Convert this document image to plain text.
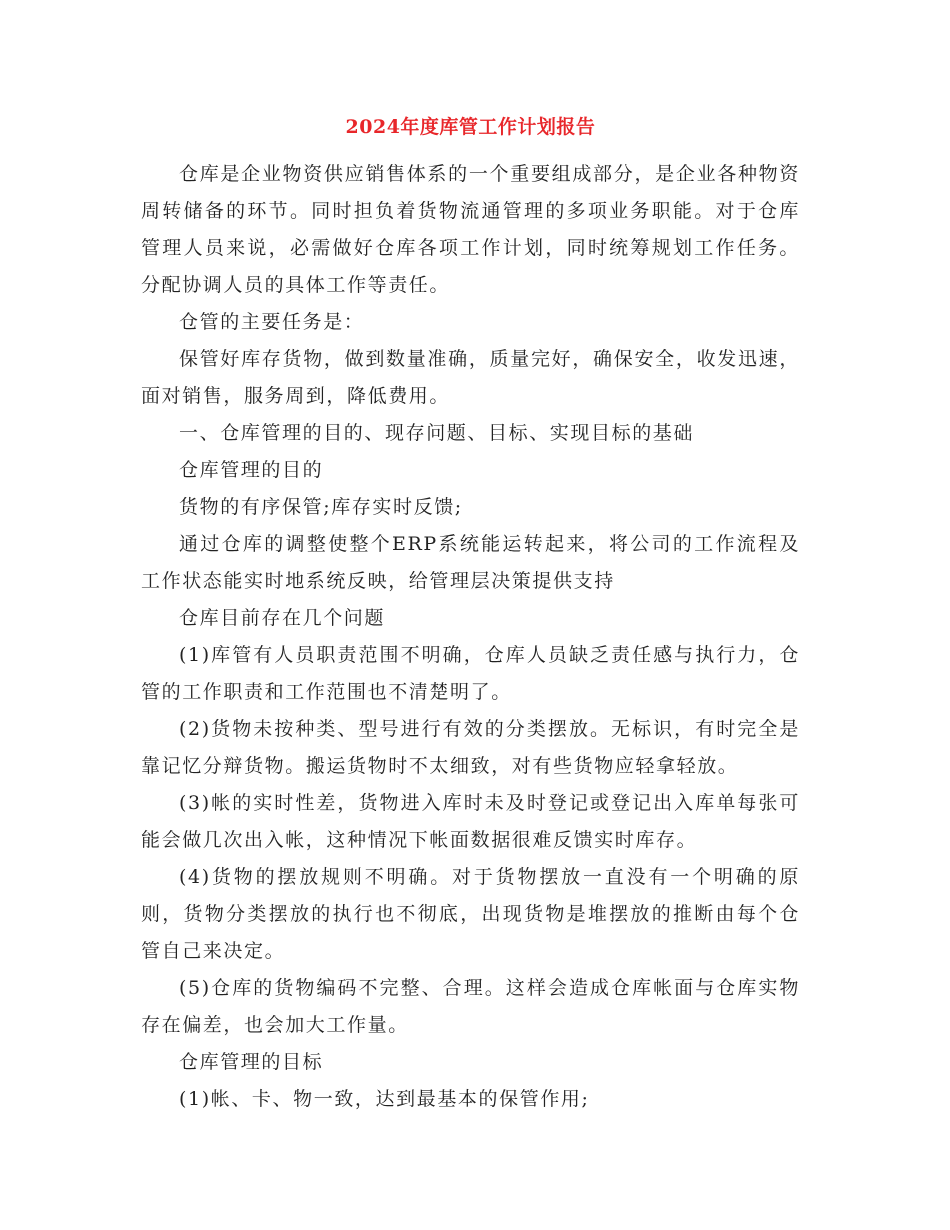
2024年度库管工作计划报告

仓库是企业物资供应销售体系的一个重要组成部分，是企业各种物资周转储备的环节。同时担负着货物流通管理的多项业务职能。对于仓库管理人员来说，必需做好仓库各项工作计划，同时统筹规划工作任务。分配协调人员的具体工作等责任。

仓管的主要任务是：

保管好库存货物，做到数量准确，质量完好，确保安全，收发迅速，面对销售，服务周到，降低费用。

一、仓库管理的目的、现存问题、目标、实现目标的基础

仓库管理的目的

货物的有序保管;库存实时反馈;

通过仓库的调整使整个ERP系统能运转起来，将公司的工作流程及工作状态能实时地系统反映，给管理层决策提供支持

仓库目前存在几个问题

(1)库管有人员职责范围不明确，仓库人员缺乏责任感与执行力，仓管的工作职责和工作范围也不清楚明了。

(2)货物未按种类、型号进行有效的分类摆放。无标识，有时完全是靠记忆分辩货物。搬运货物时不太细致，对有些货物应轻拿轻放。

(3)帐的实时性差，货物进入库时未及时登记或登记出入库单每张可能会做几次出入帐，这种情况下帐面数据很难反馈实时库存。

(4)货物的摆放规则不明确。对于货物摆放一直没有一个明确的原则，货物分类摆放的执行也不彻底，出现货物是堆摆放的推断由每个仓管自己来决定。

(5)仓库的货物编码不完整、合理。这样会造成仓库帐面与仓库实物存在偏差，也会加大工作量。

仓库管理的目标

(1)帐、卡、物一致，达到最基本的保管作用;
